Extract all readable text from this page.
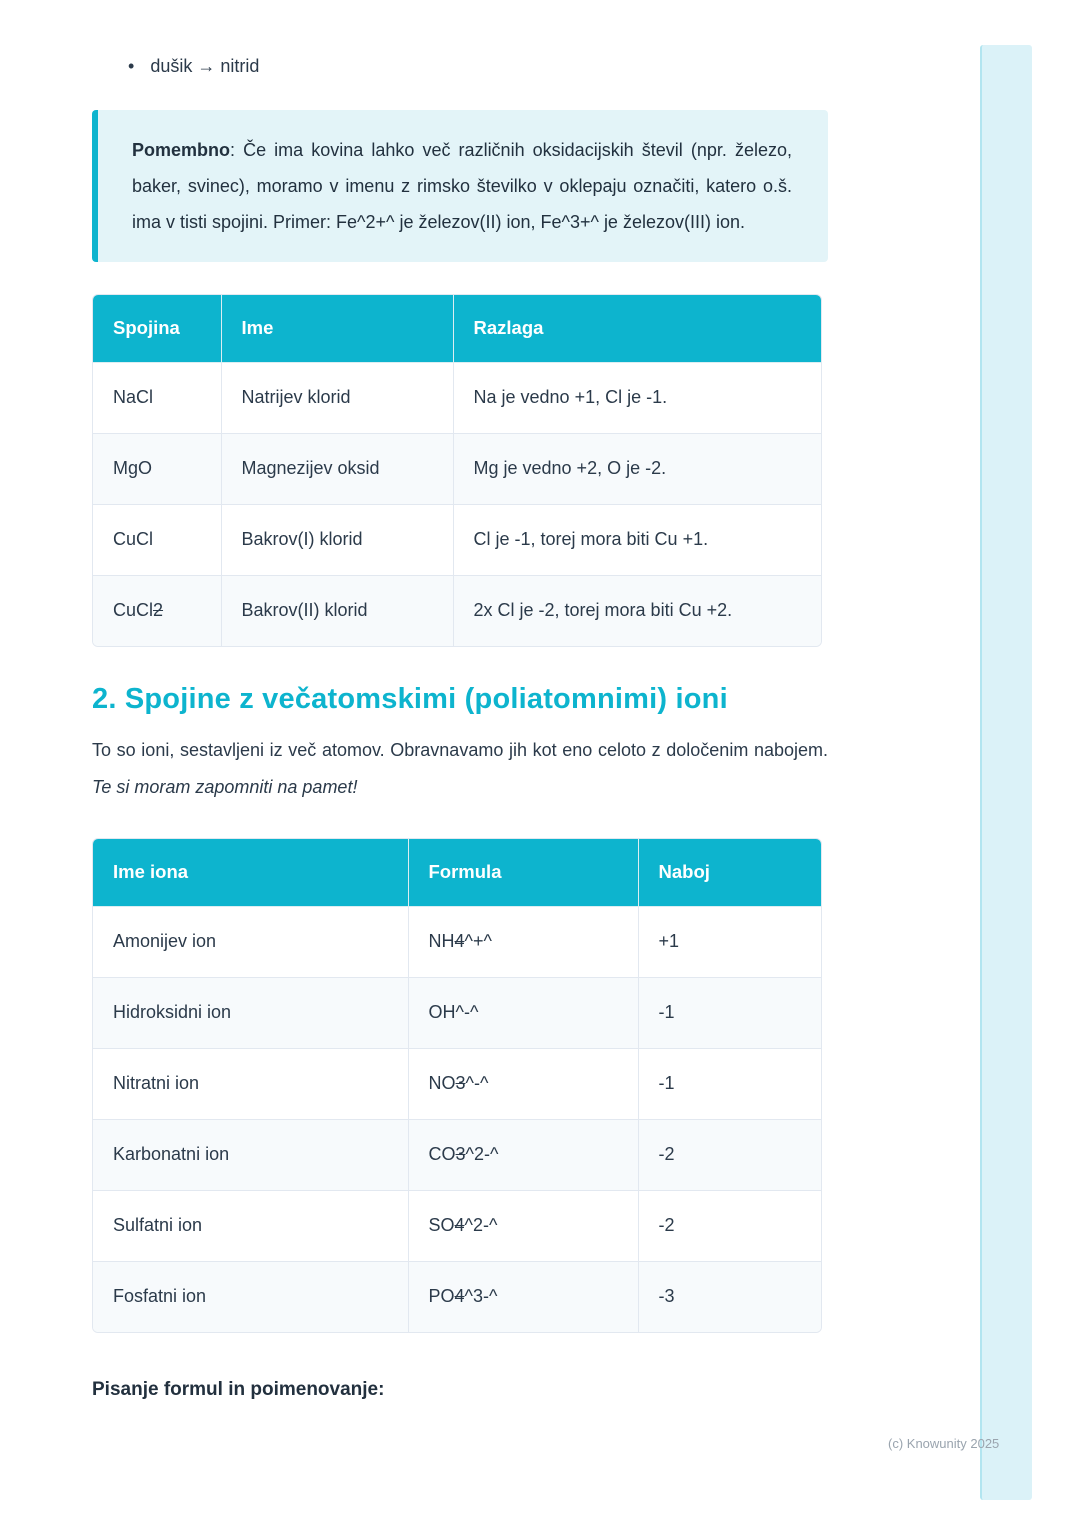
• dušik → nitrid
Pomembno: Če ima kovina lahko več različnih oksidacijskih števil (npr. železo, baker, svinec), moramo v imenu z rimsko številko v oklepaju označiti, katero o.š. ima v tisti spojini. Primer: Fe^2+^ je železov(II) ion, Fe^3+^ je železov(III) ion.
Spojina	Ime	Razlaga
NaCl	Natrijev klorid	Na je vedno +1, Cl je -1.
MgO	Magnezijev oksid	Mg je vedno +2, O je -2.
CuCl	Bakrov(I) klorid	Cl je -1, torej mora biti Cu +1.
CuCl2	Bakrov(II) klorid	2x Cl je -2, torej mora biti Cu +2.
2. Spojine z večatomskimi (poliatomnimi) ioni
To so ioni, sestavljeni iz več atomov. Obravnavamo jih kot eno celoto z določenim nabojem. Te si moram zapomniti na pamet!
Ime iona	Formula	Naboj
Amonijev ion	NH4^+^	+1
Hidroksidni ion	OH^-^	-1
Nitratni ion	NO3^-^	-1
Karbonatni ion	CO3^2-^	-2
Sulfatni ion	SO4^2-^	-2
Fosfatni ion	PO4^3-^	-3
Pisanje formul in poimenovanje:
(c) Knowunity 2025
